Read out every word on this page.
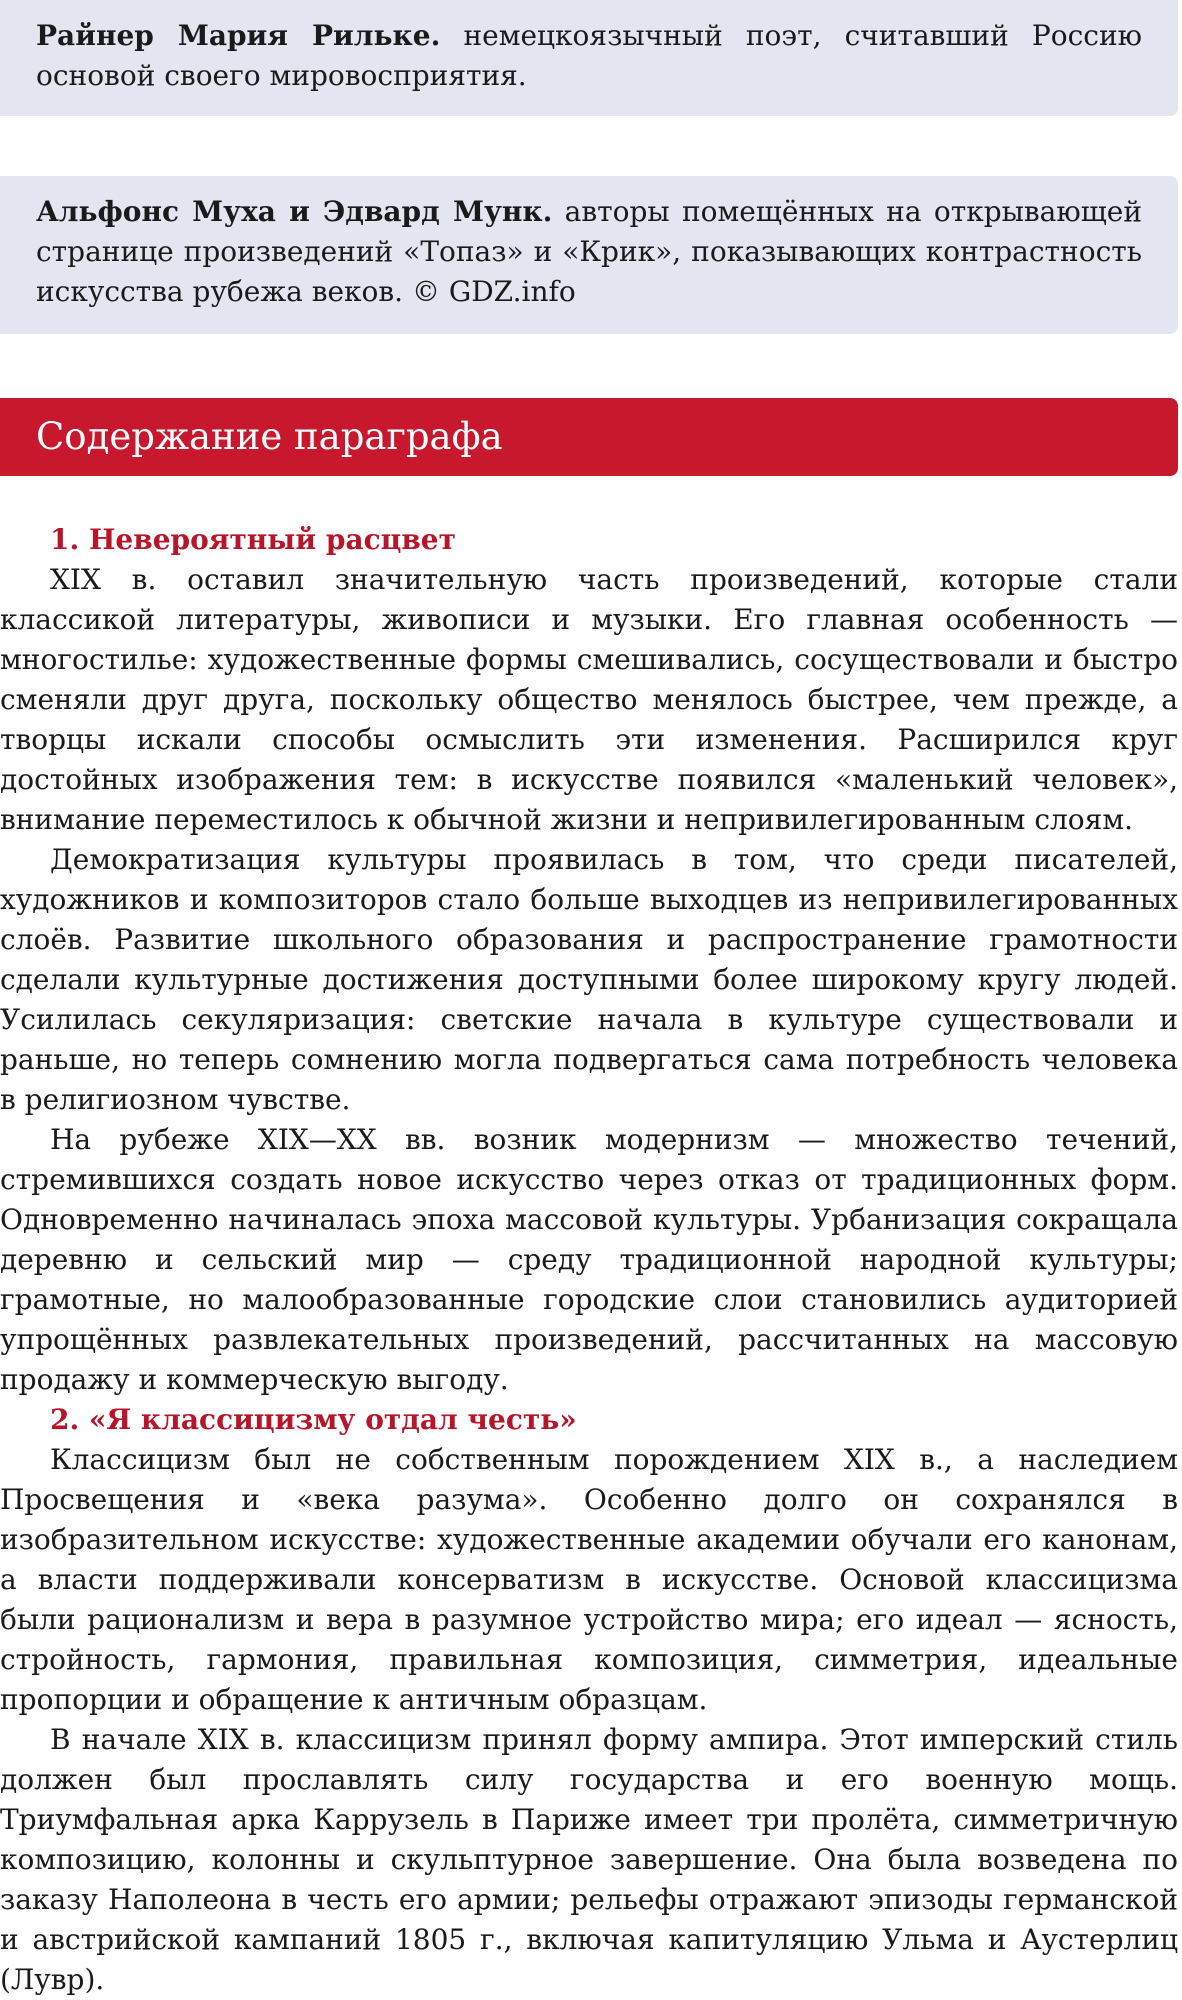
Райнер Мария Рильке. немецкоязычный поэт, считавший Россию основой своего мировосприятия.
Альфонс Муха и Эдвард Мунк. авторы помещённых на открывающей странице произведений «Топаз» и «Крик», показывающих контрастность искусства рубежа веков. © GDZ.info
Содержание параграфа
1. Невероятный расцвет

XIX в. оставил значительную часть произведений, которые стали классикой литературы, живописи и музыки. Его главная особенность — многостилье: художественные формы смешивались, сосуществовали и быстро сменяли друг друга, поскольку общество менялось быстрее, чем прежде, а творцы искали способы осмыслить эти изменения. Расширился круг достойных изображения тем: в искусстве появился «маленький человек», внимание переместилось к обычной жизни и непривилегированным слоям.

Демократизация культуры проявилась в том, что среди писателей, художников и композиторов стало больше выходцев из непривилегированных слоёв. Развитие школьного образования и распространение грамотности сделали культурные достижения доступными более широкому кругу людей. Усилилась секуляризация: светские начала в культуре существовали и раньше, но теперь сомнению могла подвергаться сама потребность человека в религиозном чувстве.

На рубеже XIX—XX вв. возник модернизм — множество течений, стремившихся создать новое искусство через отказ от традиционных форм. Одновременно начиналась эпоха массовой культуры. Урбанизация сокращала деревню и сельский мир — среду традиционной народной культуры; грамотные, но малообразованные городские слои становились аудиторией упрощённых развлекательных произведений, рассчитанных на массовую продажу и коммерческую выгоду.

2. «Я классицизму отдал честь»

Классицизм был не собственным порождением XIX в., а наследием Просвещения и «века разума». Особенно долго он сохранялся в изобразительном искусстве: художественные академии обучали его канонам, а власти поддерживали консерватизм в искусстве. Основой классицизма были рационализм и вера в разумное устройство мира; его идеал — ясность, стройность, гармония, правильная композиция, симметрия, идеальные пропорции и обращение к античным образцам.

В начале XIX в. классицизм принял форму ампира. Этот имперский стиль должен был прославлять силу государства и его военную мощь. Триумфальная арка Каррузель в Париже имеет три пролёта, симметричную композицию, колонны и скульптурное завершение. Она была возведена по заказу Наполеона в честь его армии; рельефы отражают эпизоды германской и австрийской кампаний 1805 г., включая капитуляцию Ульма и Аустерлиц (Лувр).
